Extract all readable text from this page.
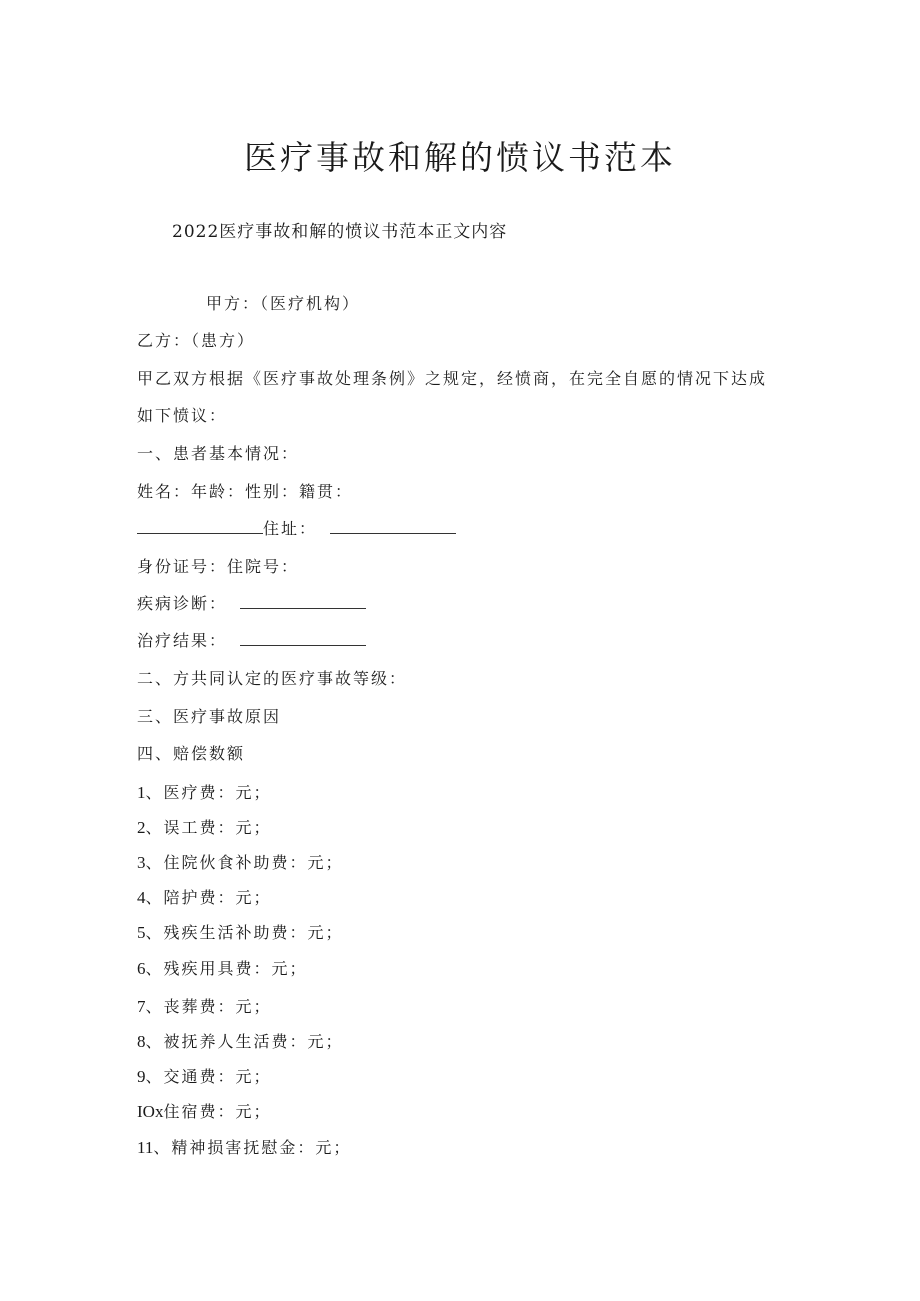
医疗事故和解的愤议书范本
2022医疗事故和解的愤议书范本正文内容
甲方：（医疗机构）
乙方：（患方）
甲乙双方根据《医疗事故处理条例》之规定，经愤商，在完全自愿的情况下达成
如下愤议：
一、患者基本情况：
姓名：年龄：性别：籍贯：
住址：
身份证号：住院号：
疾病诊断：
治疗结果：
二、方共同认定的医疗事故等级：
三、医疗事故原因
四、赔偿数额
1、医疗费：元；
2、误工费：元；
3、住院伙食补助费：元；
4、陪护费：元；
5、残疾生活补助费：元；
6、残疾用具费：元；
7、丧葬费：元；
8、被抚养人生活费：元；
9、交通费：元；
IOx住宿费：元；
11、精神损害抚慰金：元；
